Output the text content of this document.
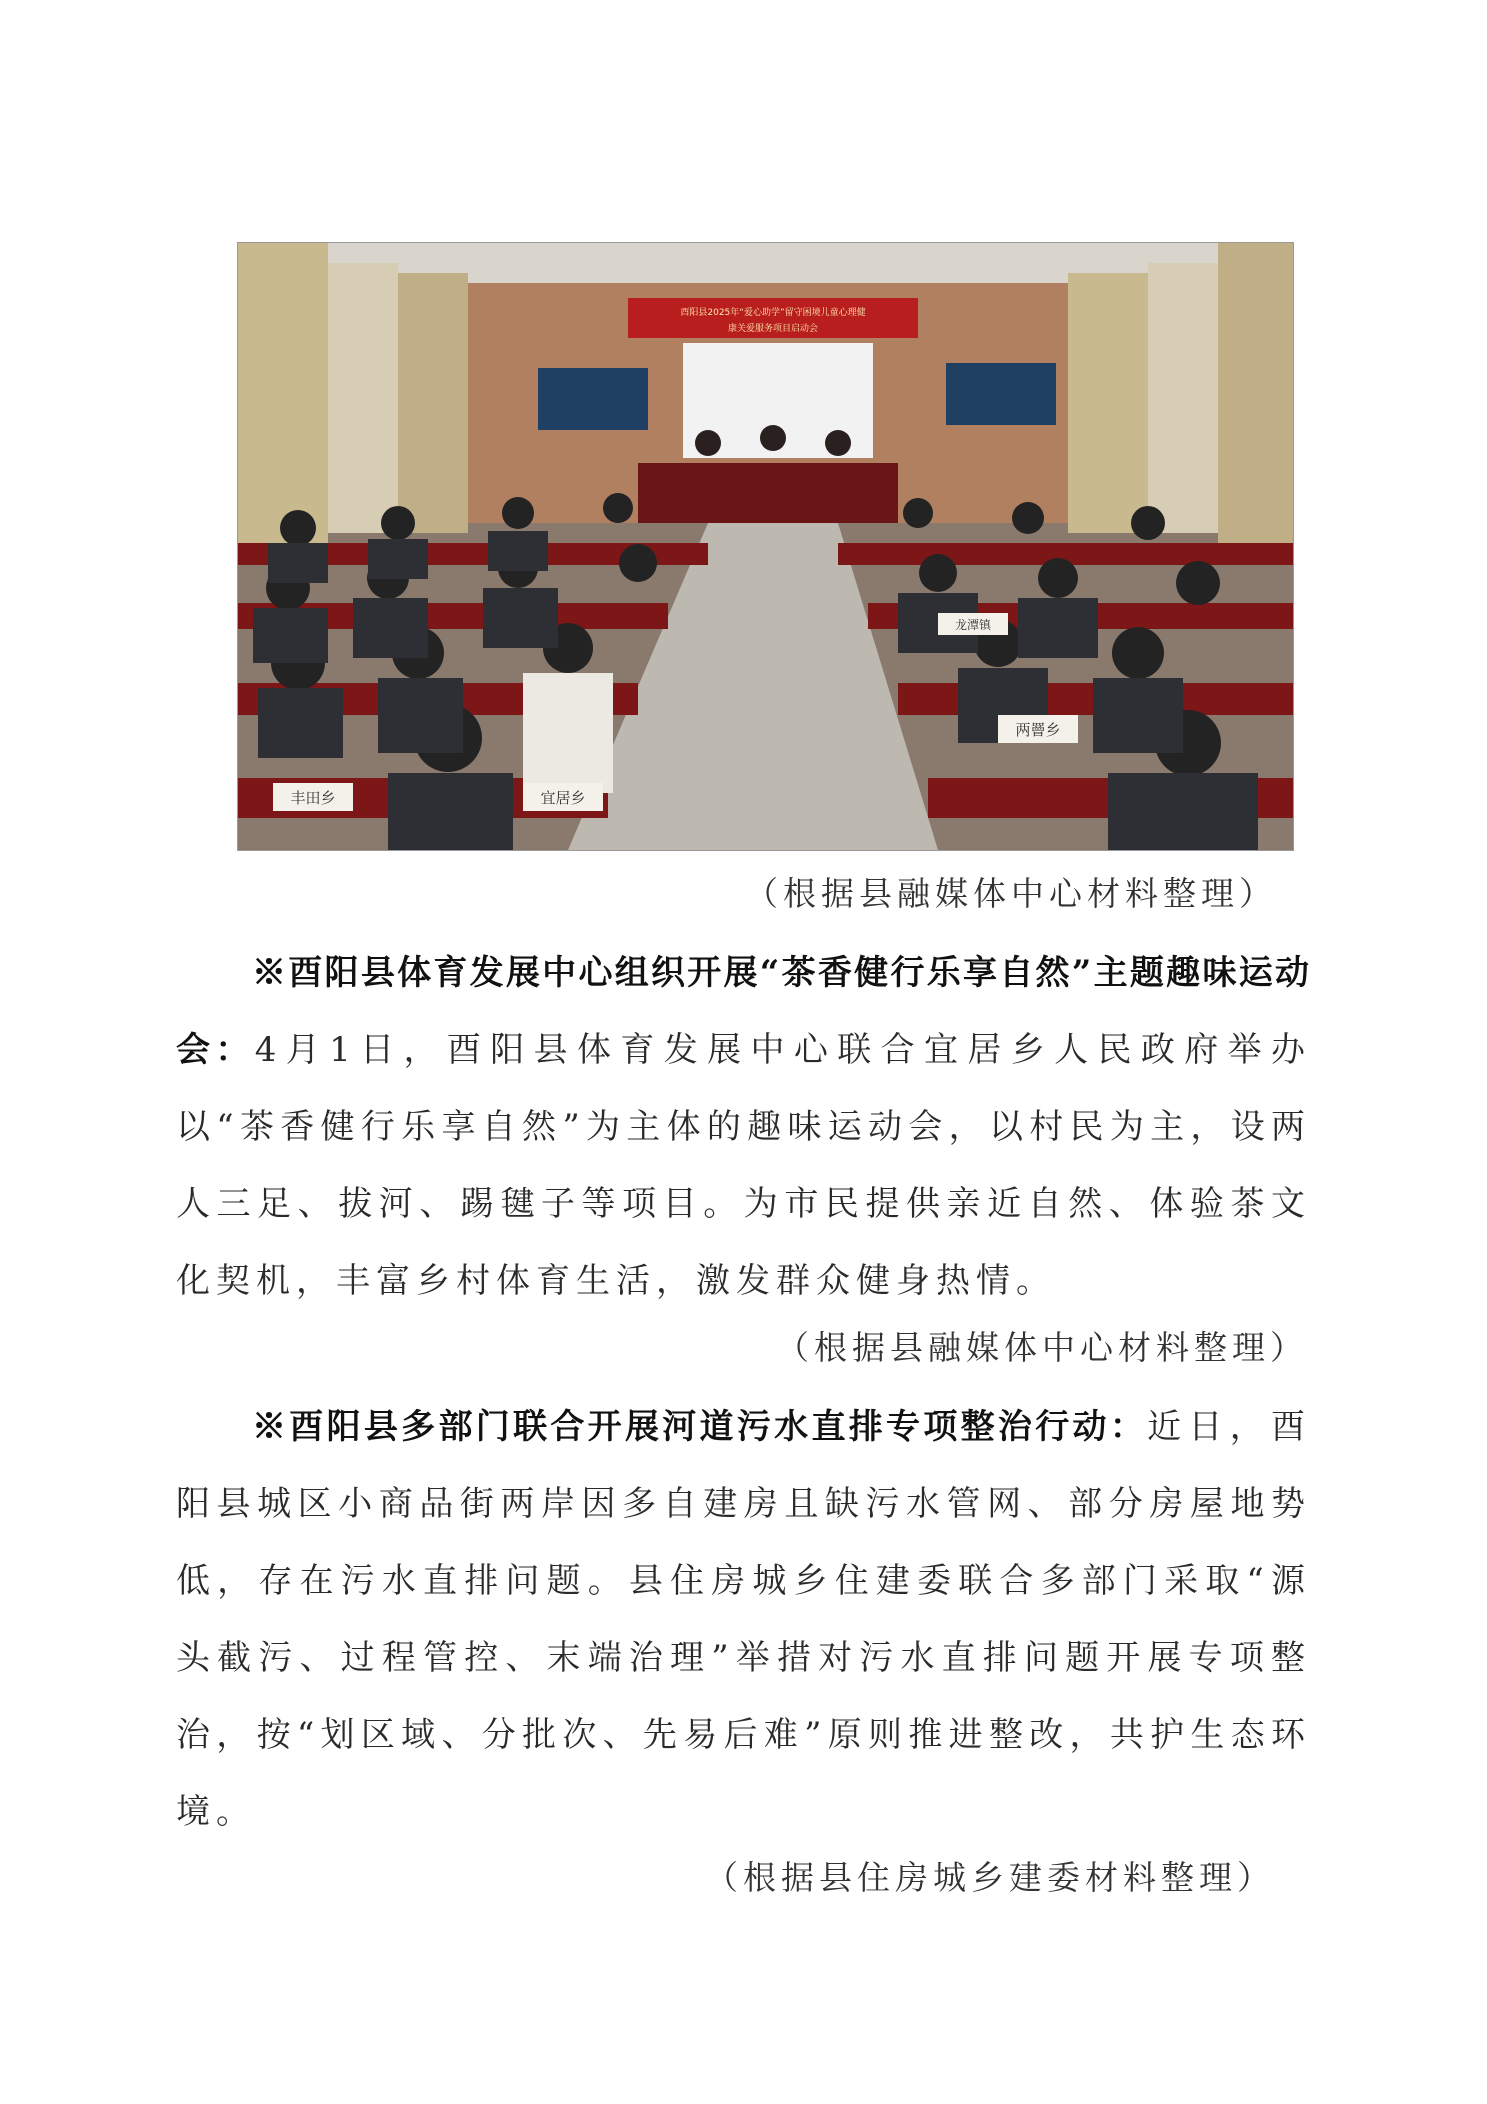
酉阳县2025年“爱心助学”留守困境儿童心理健
康关爱服务项目启动会
丰田乡	宜居乡
龙潭镇
两罾乡
（根据县融媒体中心材料整理）

※酉阳县体育发展中心组织开展“茶香健行乐享自然”主题趣味运动会：4月1日，酉阳县体育发展中心联合宜居乡人民政府举办以“茶香健行乐享自然”为主体的趣味运动会，以村民为主，设两人三足、拔河、踢毽子等项目。为市民提供亲近自然、体验茶文化契机，丰富乡村体育生活，激发群众健身热情。

（根据县融媒体中心材料整理）

※酉阳县多部门联合开展河道污水直排专项整治行动：近日，酉阳县城区小商品街两岸因多自建房且缺污水管网、部分房屋地势低，存在污水直排问题。县住房城乡住建委联合多部门采取“源头截污、过程管控、末端治理”举措对污水直排问题开展专项整治，按“划区域、分批次、先易后难”原则推进整改，共护生态环境。

（根据县住房城乡建委材料整理）
